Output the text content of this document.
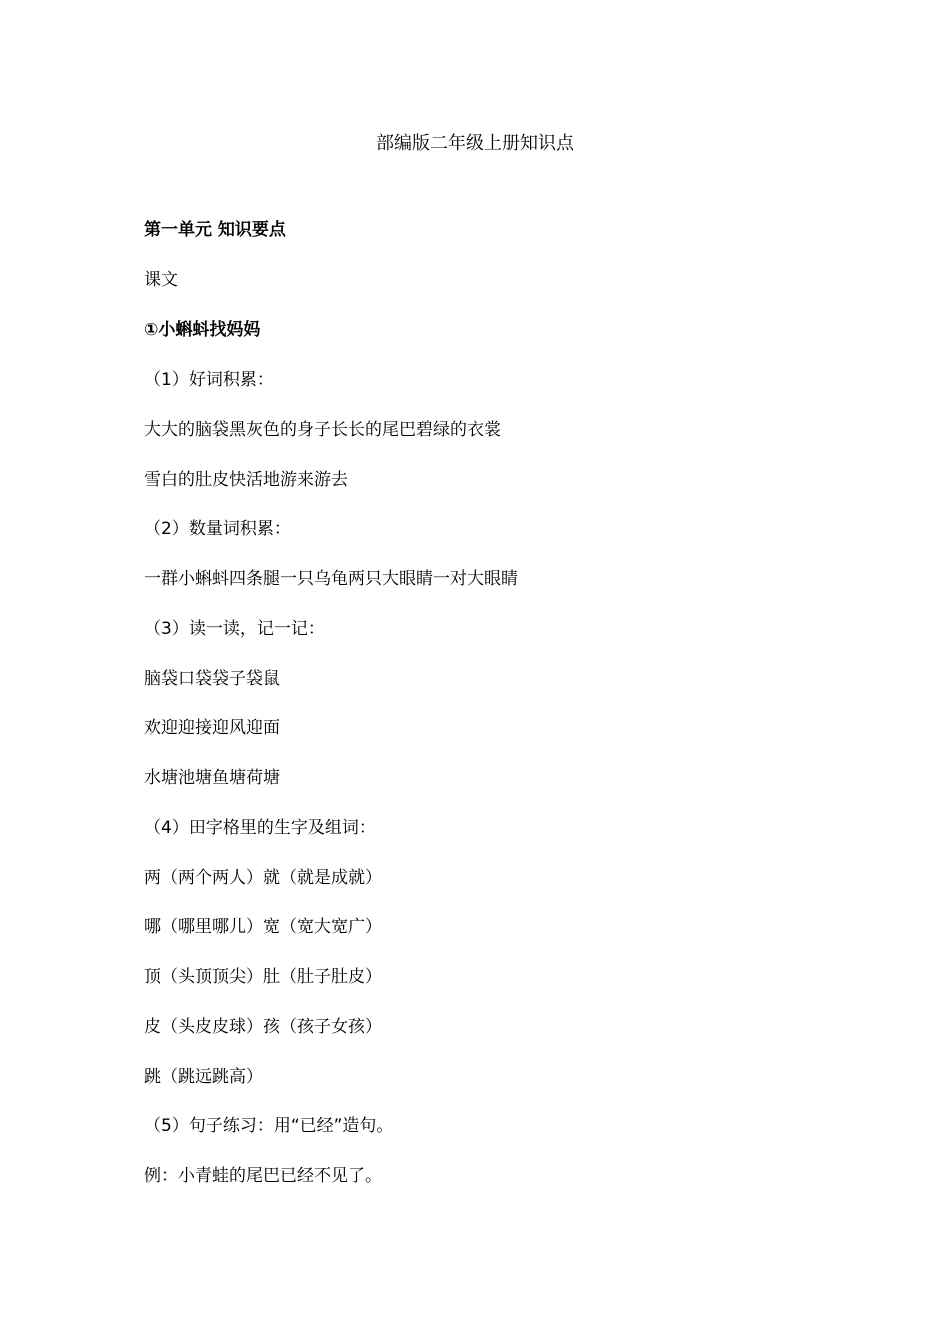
部编版二年级上册知识点
第一单元 知识要点
课文
①小蝌蚪找妈妈
（1）好词积累：
大大的脑袋黑灰色的身子长长的尾巴碧绿的衣裳
雪白的肚皮快活地游来游去
（2）数量词积累：
一群小蝌蚪四条腿一只乌龟两只大眼睛一对大眼睛
（3）读一读，记一记：
脑袋口袋袋子袋鼠
欢迎迎接迎风迎面
水塘池塘鱼塘荷塘
（4）田字格里的生字及组词：
两（两个两人）就（就是成就）
哪（哪里哪儿）宽（宽大宽广）
顶（头顶顶尖）肚（肚子肚皮）
皮（头皮皮球）孩（孩子女孩）
跳（跳远跳高）
（5）句子练习：用“已经”造句。
例：小青蛙的尾巴已经不见了。
